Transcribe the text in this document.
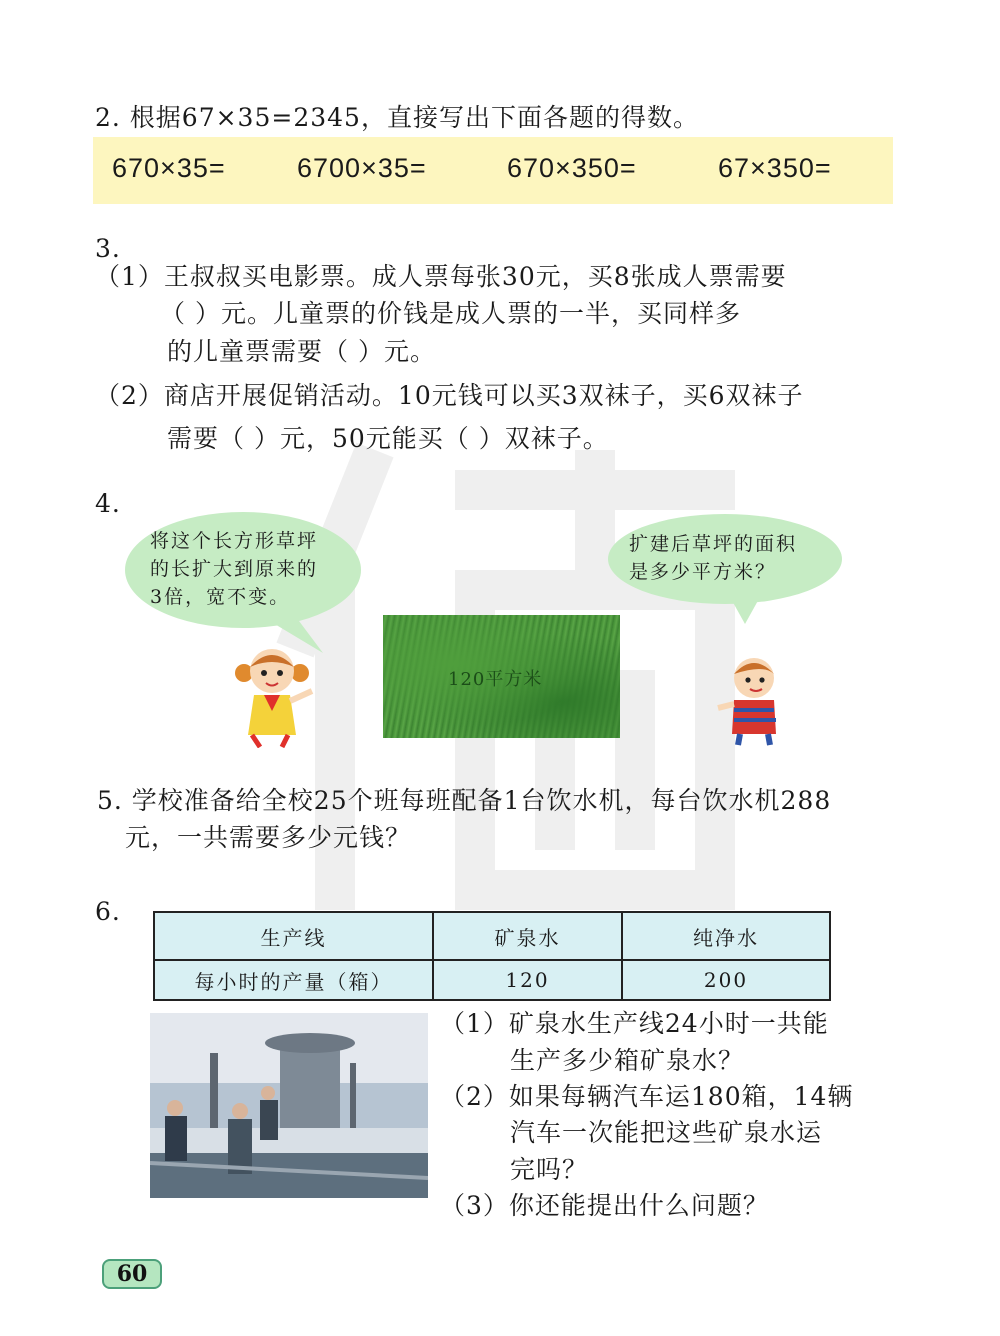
2. 根据67×35=2345，直接写出下面各题的得数。
670×35=	6700×35=	670×350=	67×350=
3.
（1）王叔叔买电影票。成人票每张30元，买8张成人票需要
（ ）元。儿童票的价钱是成人票的一半，买同样多
的儿童票需要（ ）元。
（2）商店开展促销活动。10元钱可以买3双袜子，买6双袜子
需要（ ）元，50元能买（ ）双袜子。
4.
将这个长方形草坪
的长扩大到原来的
3倍，宽不变。
扩建后草坪的面积
是多少平方米？
120平方米
5. 学校准备给全校25个班每班配备1台饮水机，每台饮水机288
元，一共需要多少元钱？
6.
生产线	矿泉水	纯净水
每小时的产量（箱）	120	200
（1）矿泉水生产线24小时一共能
生产多少箱矿泉水？
（2）如果每辆汽车运180箱，14辆
汽车一次能把这些矿泉水运
完吗？
（3）你还能提出什么问题？
60
